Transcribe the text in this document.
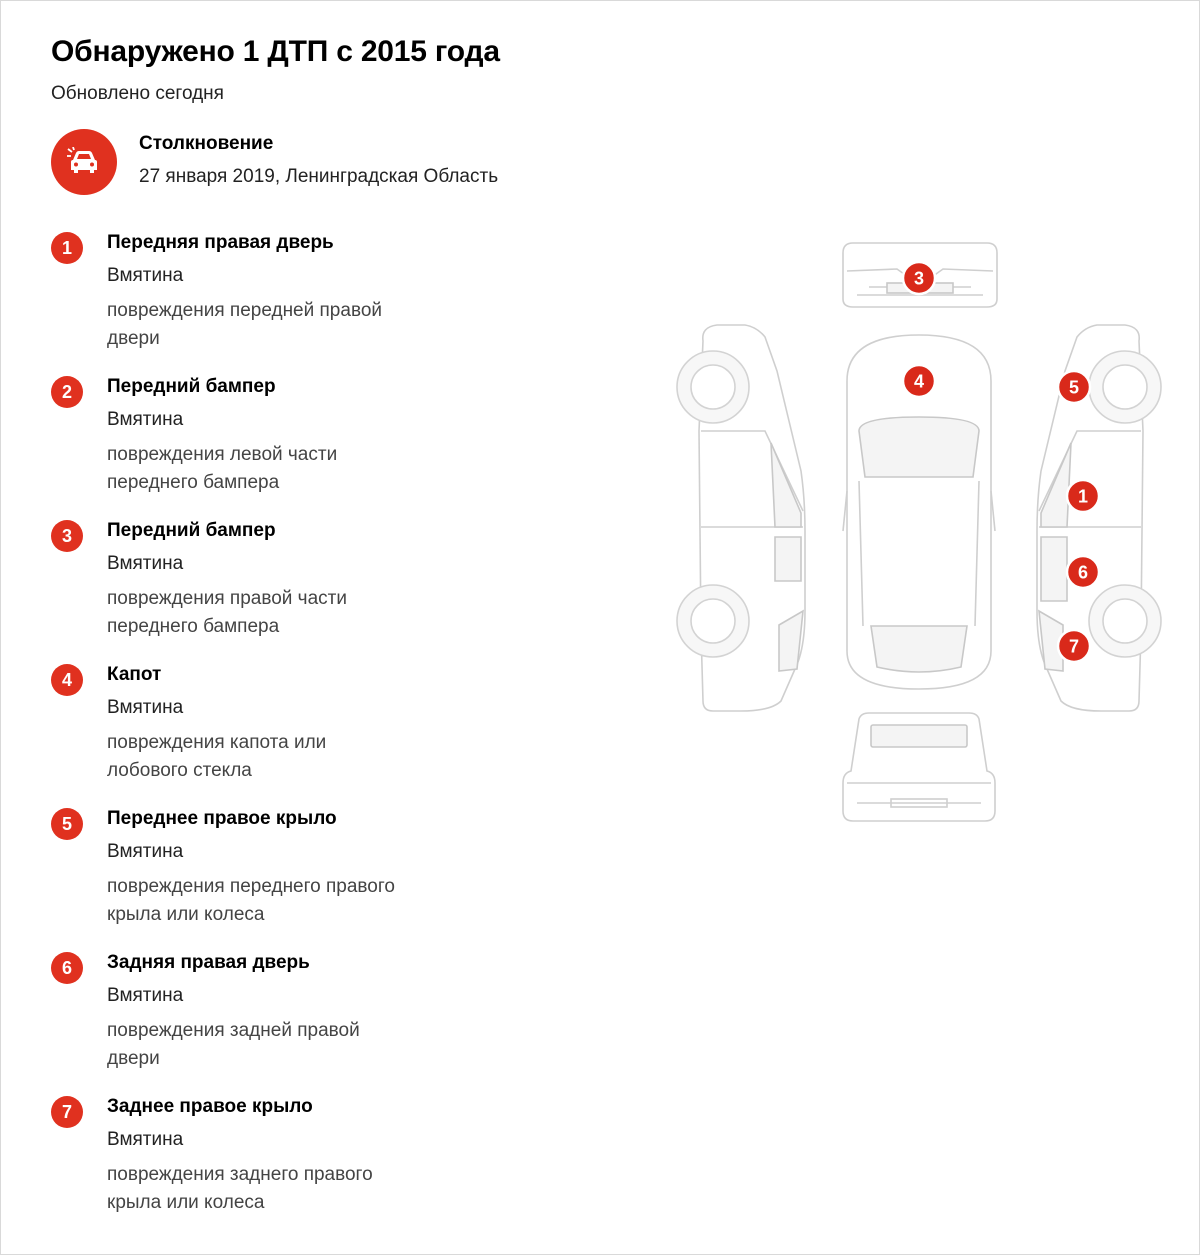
Обнаружено 1 ДТП с 2015 года
Обновлено сегодня
Столкновение
27 января 2019, Ленинградская Область
1	Передняя правая дверь
Вмятина
повреждения передней правой двери
2	Передний бампер
Вмятина
повреждения левой части переднего бампера
3	Передний бампер
Вмятина
повреждения правой части переднего бампера
4	Капот
Вмятина
повреждения капота или лобового стекла
5	Переднее правое крыло
Вмятина
повреждения переднего правого крыла или колеса
6	Задняя правая дверь
Вмятина
повреждения задней правой двери
7	Заднее правое крыло
Вмятина
повреждения заднего правого крыла или колеса
3
4	5
1
6
7
